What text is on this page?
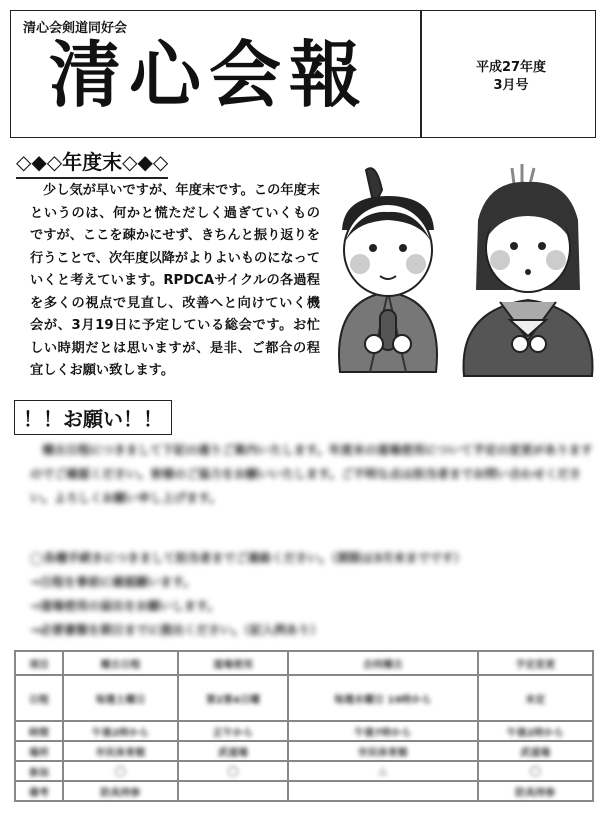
清心会剣道同好会
清心会報	平成27年度
3月号
◇◆◇年度末◇◆◇
少し気が早いですが、年度末です。この年度末というのは、何かと慌ただしく過ぎていくものですが、ここを疎かにせず、きちんと振り返りを行うことで、次年度以降がよりよいものになっていくと考えています。RPDCAサイクルの各過程を多くの視点で見直し、改善へと向けていく機会が、3月19日に予定している総会です。お忙しい時期だとは思いますが、是非、ご都合の程宜しくお願い致します。
！！お願い！！
稽古日程につきまして下記の通りご案内いたします。年度末の道場使用について予定の変更がありますのでご確認ください。皆様のご協力をお願いいたします。ご不明な点は担当者までお問い合わせください。よろしくお願い申し上げます。
◯各種手続きにつきまして担当者までご連絡ください。（期限は3月末までです）
→日程を事前に確認願います。
→道場使用の届出をお願いします。
→必要書類を期日までに提出ください。（記入例あり）
項目	稽古日程	道場使用	合同稽古	予定変更
日程	毎週土曜日	第2第4日曜	毎週水曜日 19時から	未定
時間	午後2時から	正午から	午後7時から	午後2時から
場所	市民体育館	武道場	市民体育館	武道場
参加	◯	◯	△	◯
備考	防具持参			防具持参
